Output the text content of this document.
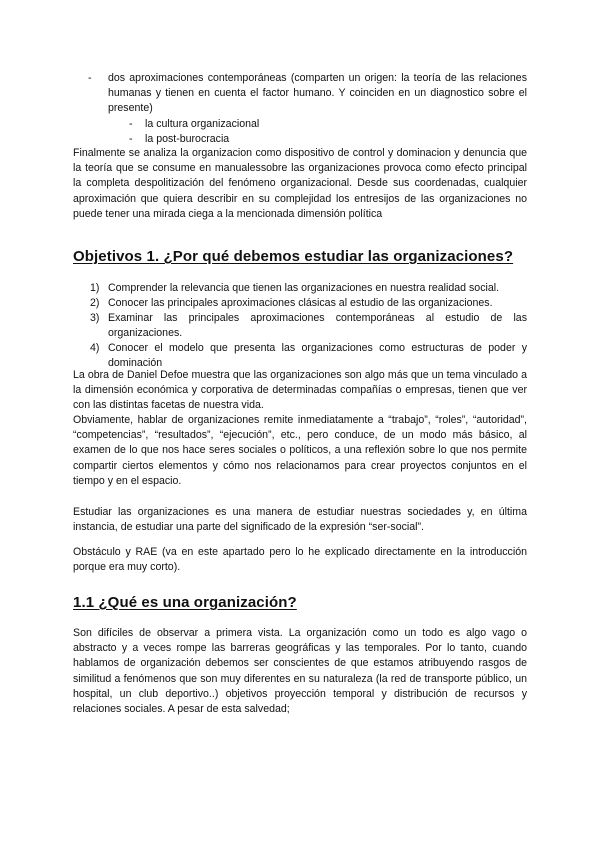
- dos aproximaciones contemporáneas (comparten un origen: la teoría de las relaciones humanas y tienen en cuenta el factor humano. Y coinciden en un diagnostico sobre el presente)
- la cultura organizacional
- la post-burocracia

Finalmente se analiza la organizacion como dispositivo de control y dominacion y denuncia que la teoría que se consume en manualessobre las organizaciones provoca como efecto principal la completa despolitización del fenómeno organizacional. Desde sus coordenadas, cualquier aproximación que quiera describir en su complejidad los entresijos de las organizaciones no puede tener una mirada ciega a la mencionada dimensión política

Objetivos 1. ¿Por qué debemos estudiar las organizaciones?
1) Comprender la relevancia que tienen las organizaciones en nuestra realidad social.
2) Conocer las principales aproximaciones clásicas al estudio de las organizaciones.
3) Examinar las principales aproximaciones contemporáneas al estudio de las organizaciones.
4) Conocer el modelo que presenta las organizaciones como estructuras de poder y dominación

La obra de Daniel Defoe muestra que las organizaciones son algo más que un tema vinculado a la dimensión económica y corporativa de determinadas compañías o empresas, tienen que ver con las distintas facetas de nuestra vida.

Obviamente, hablar de organizaciones remite inmediatamente a “trabajo”, “roles”, “autoridad”, “competencias”, “resultados”, “ejecución”, etc., pero conduce, de un modo más básico, al examen de lo que nos hace seres sociales o políticos, a una reflexión sobre lo que nos permite compartir ciertos elementos y cómo nos relacionamos para crear proyectos conjuntos en el tiempo y en el espacio.

Estudiar las organizaciones es una manera de estudiar nuestras sociedades y, en última instancia, de estudiar una parte del significado de la expresión “ser-social”.

Obstáculo y RAE (va en este apartado pero lo he explicado directamente en la introducción porque era muy corto).

1.1 ¿Qué es una organización?

Son difíciles de observar a primera vista. La organización como un todo es algo vago o abstracto y a veces rompe las barreras geográficas y las temporales. Por lo tanto, cuando hablamos de organización debemos ser conscientes de que estamos atribuyendo rasgos de similitud a fenómenos que son muy diferentes en su naturaleza (la red de transporte público, un hospital, un club deportivo..) objetivos proyección temporal y distribución de recursos y relaciones sociales. A pesar de esta salvedad;
